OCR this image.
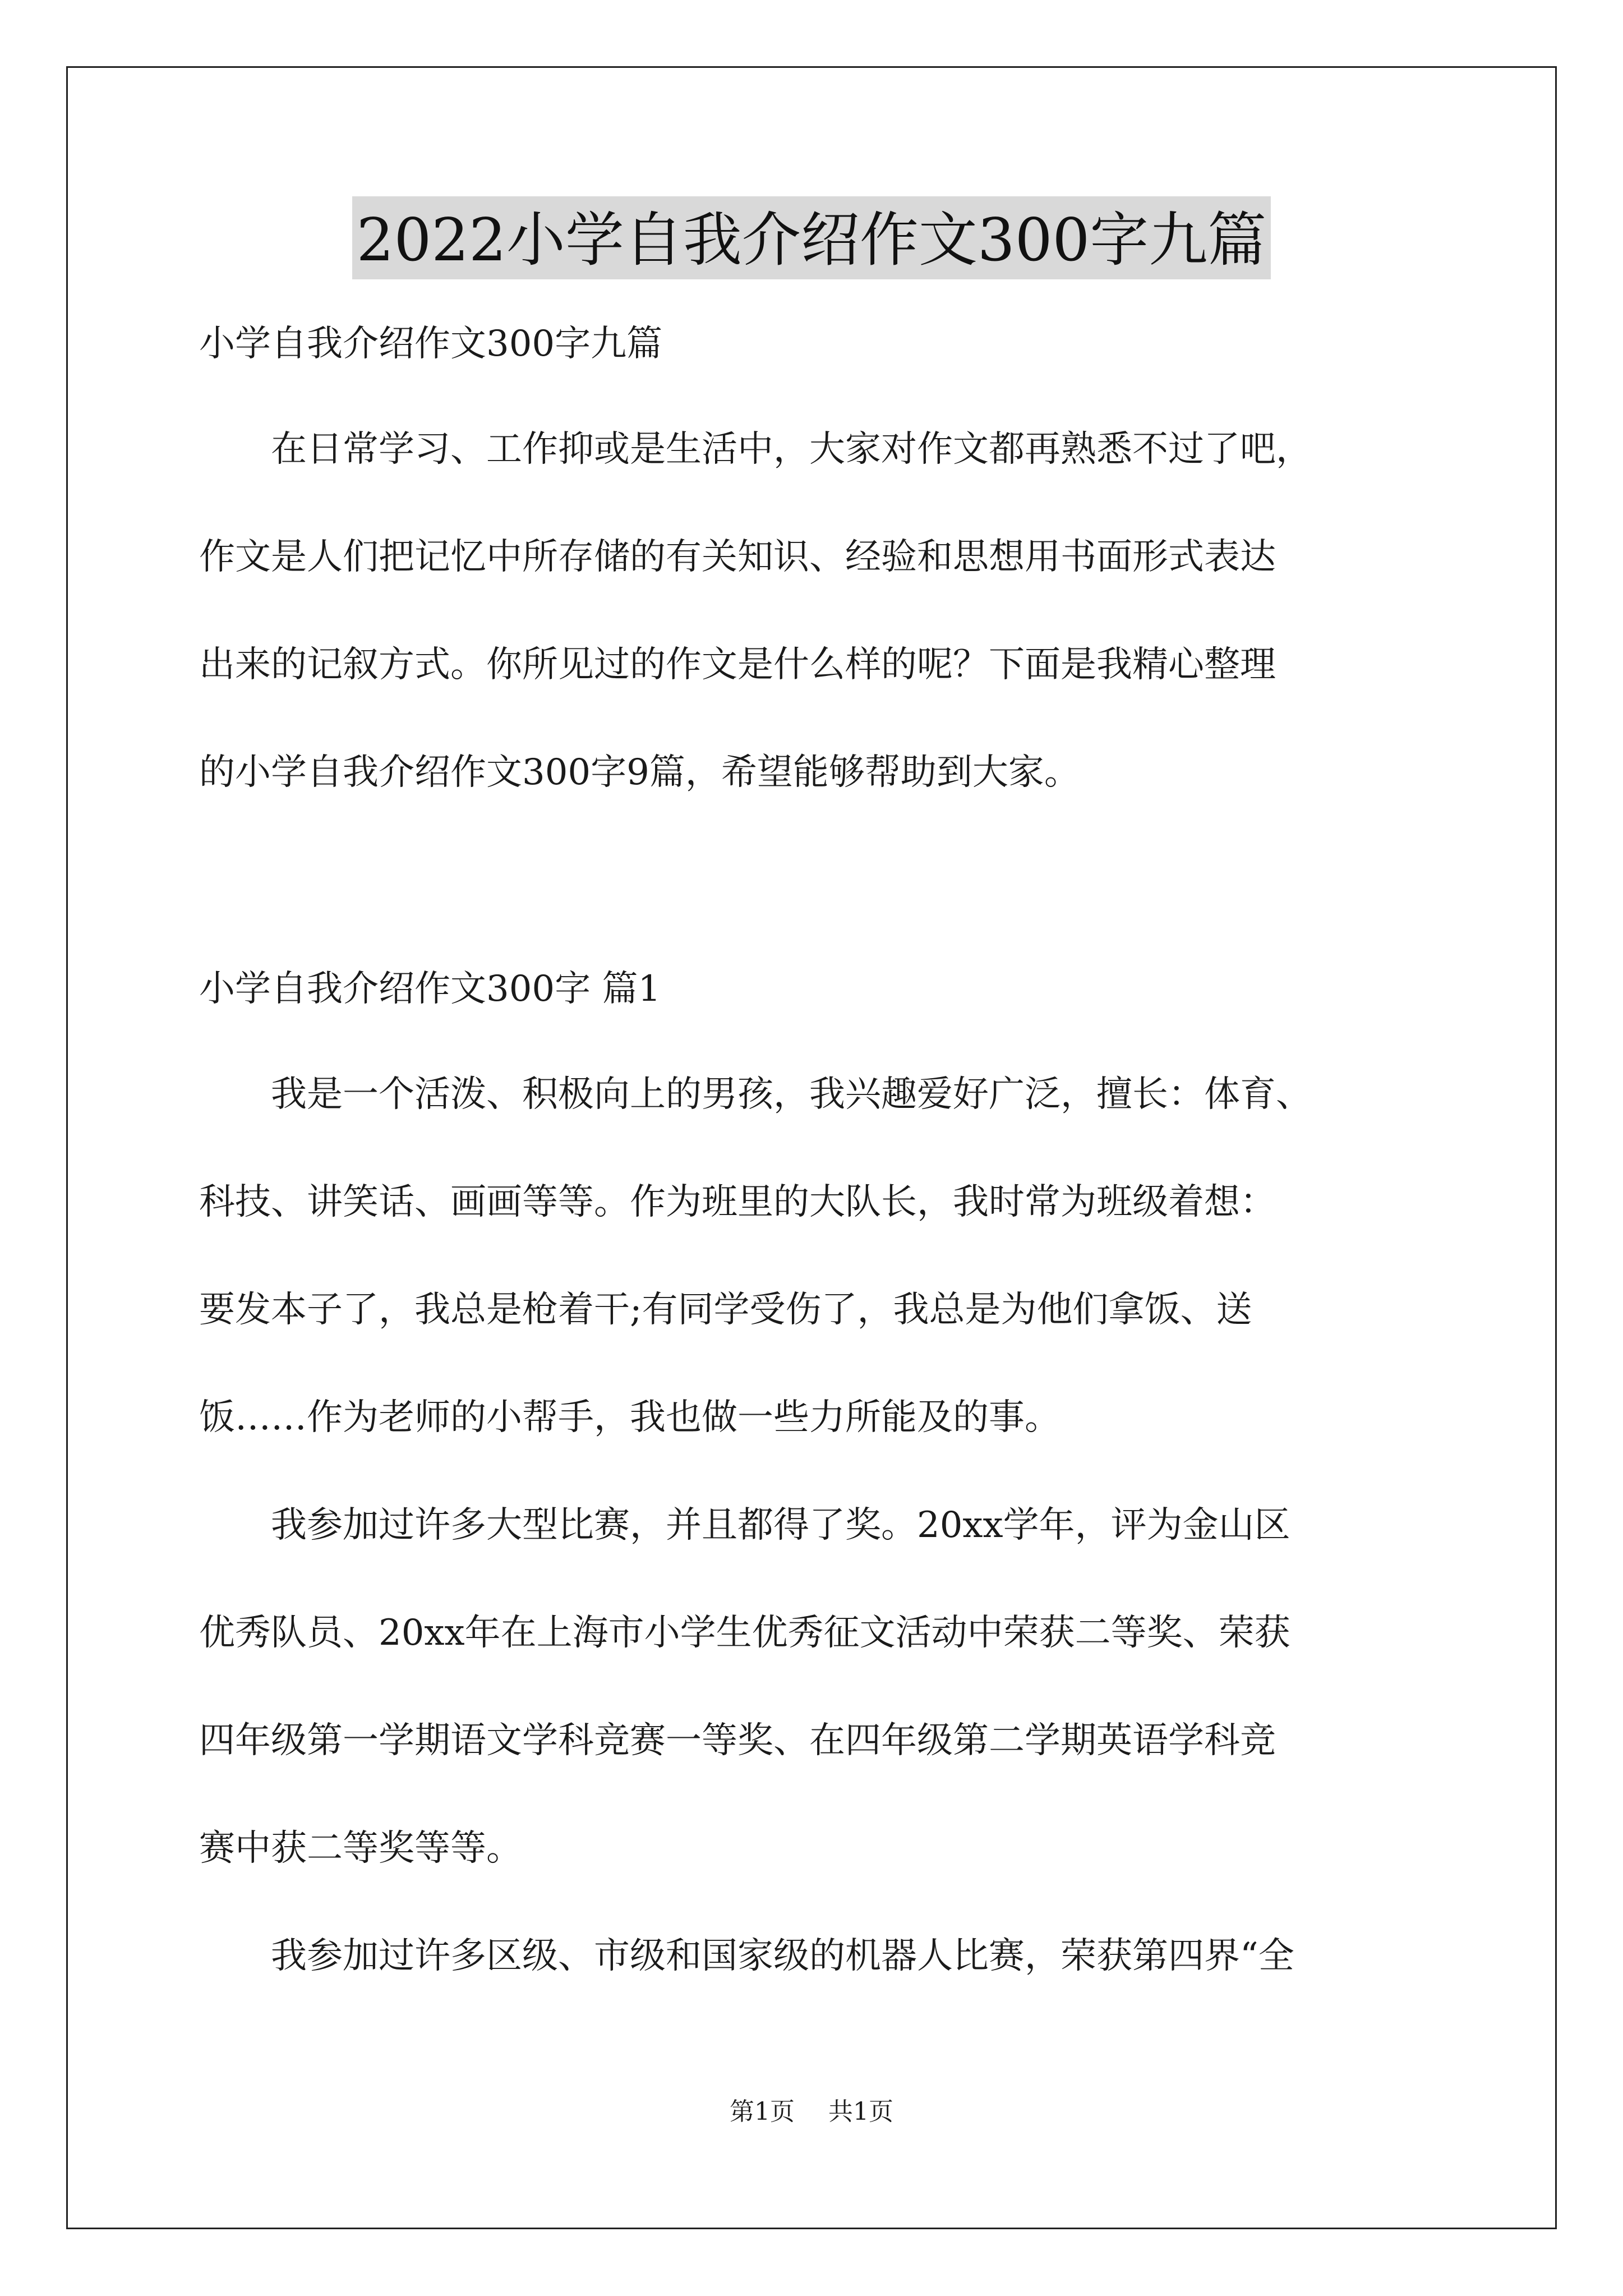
2022小学自我介绍作文300字九篇

小学自我介绍作文300字九篇

在日常学习、工作抑或是生活中，大家对作文都再熟悉不过了吧，

作文是人们把记忆中所存储的有关知识、经验和思想用书面形式表达

出来的记叙方式。你所见过的作文是什么样的呢？下面是我精心整理

的小学自我介绍作文300字9篇，希望能够帮助到大家。

小学自我介绍作文300字 篇1

我是一个活泼、积极向上的男孩，我兴趣爱好广泛，擅长：体育、

科技、讲笑话、画画等等。作为班里的大队长，我时常为班级着想：

要发本子了，我总是枪着干;有同学受伤了，我总是为他们拿饭、送

饭……作为老师的小帮手，我也做一些力所能及的事。

我参加过许多大型比赛，并且都得了奖。20xx学年，评为金山区

优秀队员、20xx年在上海市小学生优秀征文活动中荣获二等奖、荣获

四年级第一学期语文学科竞赛一等奖、在四年级第二学期英语学科竞

赛中获二等奖等等。

我参加过许多区级、市级和国家级的机器人比赛，荣获第四界“全

第1页 共1页
